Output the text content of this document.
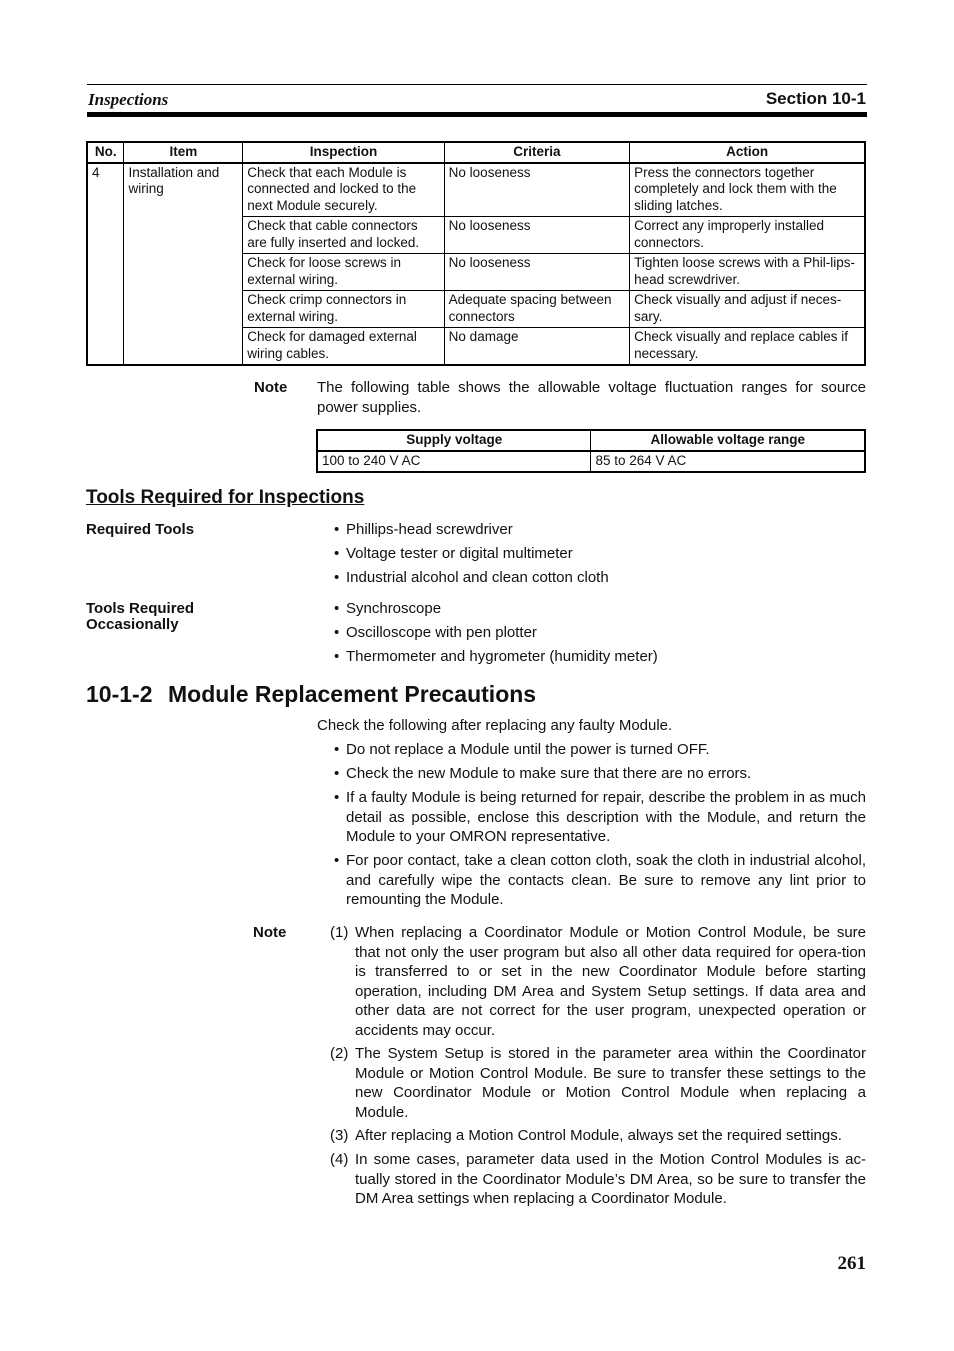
Inspections	Section 10-1
No.	Item	Inspection	Criteria	Action
4	Installation and wiring	Check that each Module is connected and locked to the next Module securely.	No looseness	Press the connectors together completely and lock them with the sliding latches.
		Check that cable connectors are fully inserted and locked.	No looseness	Correct any improperly installed connectors.
		Check for loose screws in external wiring.	No looseness	Tighten loose screws with a Phil-lips-head screwdriver.
		Check crimp connectors in external wiring.	Adequate spacing between connectors	Check visually and adjust if neces-sary.
		Check for damaged external wiring cables.	No damage	Check visually and replace cables if necessary.
Note The following table shows the allowable voltage fluctuation ranges for source power supplies.
Supply voltage	Allowable voltage range
100 to 240 V AC	85 to 264 V AC
Tools Required for Inspections
Required Tools	• Phillips-head screwdriver
• Voltage tester or digital multimeter
• Industrial alcohol and clean cotton cloth
Tools Required
Occasionally
• Synchroscope
• Oscilloscope with pen plotter
• Thermometer and hygrometer (humidity meter)
10-1-2 Module Replacement Precautions
Check the following after replacing any faulty Module.
• Do not replace a Module until the power is turned OFF.
• Check the new Module to make sure that there are no errors.
• If a faulty Module is being returned for repair, describe the problem in as much detail as possible, enclose this description with the Module, and return the Module to your OMRON representative.
• For poor contact, take a clean cotton cloth, soak the cloth in industrial alcohol, and carefully wipe the contacts clean. Be sure to remove any lint prior to remounting the Module.
Note	(1) When replacing a Coordinator Module or Motion Control Module, be sure that not only the user program but also all other data required for opera-tion is transferred to or set in the new Coordinator Module before starting operation, including DM Area and System Setup settings. If data area and other data are not correct for the user program, unexpected operation or accidents may occur.
(2) The System Setup is stored in the parameter area within the Coordinator Module or Motion Control Module. Be sure to transfer these settings to the new Coordinator Module or Motion Control Module when replacing a Module.
(3) After replacing a Motion Control Module, always set the required settings.
(4) In some cases, parameter data used in the Motion Control Modules is ac-tually stored in the Coordinator Module’s DM Area, so be sure to transfer the DM Area settings when replacing a Coordinator Module.
261
